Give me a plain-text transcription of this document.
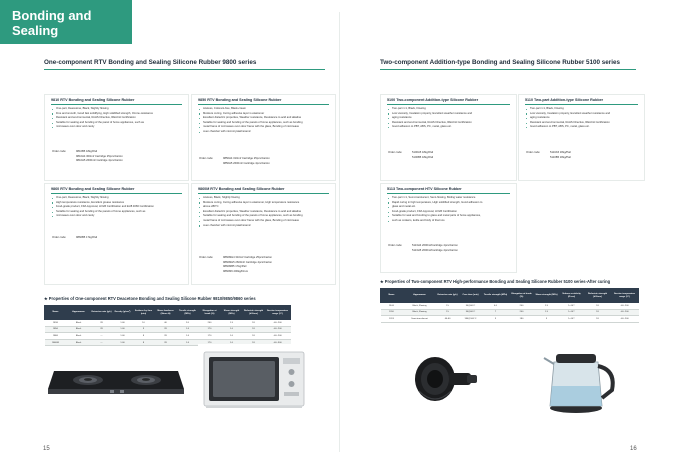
Bonding and
Sealing
One-component RTV Bonding and Sealing Silicone Rubber 9800 series
9810 RTV Bonding and Sealing Silicone Rubber
One-part, Deacetone, Black, Slightly flowing
Fine and smooth, Good fast solidifying, High solidified strength, Ozone-resistance
Resistant and environmental, RoHS Directive, REACH Certification
Suitable for sealing and bonding of the panel of home appliances, such as
microwave oven door and cavity
Order code:	9810B5 18kg/Pail
9810H4 300ml/ Cartridge 25pcs/Carton
9810H5 2600ml/ Cartridge 4pcs/Carton
9850 RTV Bonding and Sealing Silicone Rubber
Aceless, Colorant-free, Black-cream
Moisture curing, Curing adhesive layer is elastomer
Excellent dielectric properties, Weather resistance, Resistance to acid and alkaline
Suitable for sealing and bonding of the panels of home appliances, such as bonding
metal frame of microwave oven door frame with the glass, Bonding of microwave
oven chamber with microcrystal/ceramic
Order code:	9850H4 310ml/ Cartridge 25pcs/Carton
9850H5 2600ml/ Cartridge 4pcs/Carton
9860 RTV Bonding and Sealing Silicone Rubber
One-part, Deacetone, Black, Slightly flowing
High temperature resistance, Excellent grease resistance
Food-grade product, FDA Approval, LFGB Certification and EU8 4666 Certification
Suitable for sealing and bonding of the panels of home appliances, such as
microwave oven door and cavity
Order code:	9860B5 17kg/Pail
9860M RTV Bonding and Sealing Silicone Rubber
Aceless, Black, Slightly flowing
Moisture curing, Curing adhesive layer is elastomer, High temperature resistance
above 280°C
Excellent dielectric properties, Weather resistance, Resistance to acid and alkaline
Suitable for sealing and bonding of the panels of home appliances, such as bonding
metal frame of microwave oven door frame with the glass, Bonding of microwave
oven chamber with microcrystal/ceramic
Order code:	9860MH4 310ml/ Cartridge 25pcs/Carton
9860MH5 2600ml/ Cartridge 4pcs/Carton
9860MB5 17kg/Pail
9860M6 200kg/Drum
★ Properties of One-component RTV Deacetone Bonding and Sealing Silicone Rubber 9810/9850/9860 series
Name	Appearance	Extrusion rate (g/s)	Density (g/cm³)	Surface dry time (min)	Shore hardness (Shore A)	Tensile strength (MPa)	Elongation at break (%)	Shear strength (MPa)	Dielectric strength (kV/mm)	Service temperature range (°C)
9810	Black	28	1.00	10	40	2.0	200	1.5	18	-40~200
9850	Black	28	1.00	9	28	1.6	170	1.0	18	-40~200
9860	Black	—	1.00	8	28	1.6	170	1.0	18	-40~200
9860M	Black	—	1.00	8	28	1.6	170	1.0	18	-40~300
15
Two-component Addition-type Bonding and Sealing Silicone Rubber 5100 series
5100 Two-component Addition-type Silicone Rubber
Two-part 1:1, Black, Flowing
Low viscosity, Insulation property, Excellent weather resistance and
aging resistance
Resistant and environmental, RoHS Directive, REACH Certification
Good adhesion to PBT, ABS, PC, metal, glass etc.
Order code:	5100A5 18kg/Pail
5100B5 18kg/Pail
5110 Two-part Addition-type Silicone Rubber
Two-part 1:1, Black, Flowing
Low viscosity, Insulation property, Excellent weather resistance and
aging resistance
Resistant and environmental, RoHS Directive, REACH Certification
Good adhesion to PBT, ABS, PC, metal, glass etc.
Order code:	5110A5 18kg/Pail
5110B5 18kg/Pail
5113 Two-component HTV Silicone Rubber
Two-part 1:1, Semi-translucent, Semi-flowing, Boiling water resistance
Rapid curing in high temperature, High solidified strength, Good adhesion to
glass and metal etc.
Food-grade product, FDA Approval, LFGB Certification
Suitable for seal and bonding to glass and metal parts of home appliances,
such as cookers, kettle and body of thermos
Order code:	5113H4 2600ml/Cartridge 4pcs/Carton
5113H5 2600ml/Cartridge 4pcs/Carton
★ Properties of Two-component RTV High-performance Bonding and Sealing Silicone Rubber 5100 series-After curing
Name	Appearance	Extrusion rate (g/s)	Cure time (min)	Tensile strength (MPa)	Elongation at break (%)	Shear strength (MPa)	Volume resistivity (Ω·cm)	Dielectric strength (kV/mm)	Service temperature range (°C)
5100	Black, Flowing	15	30@60°C	4.0	200	2.5	1×10¹⁴	18	-40~200
5110	Black, Flowing	15	30@60°C	7	200	1.5	1×10¹⁴	18	-40~200
5113	Semi-translucent	40-60	180@100°C	3	180	3	1×10¹⁴	18	-40~200
16
